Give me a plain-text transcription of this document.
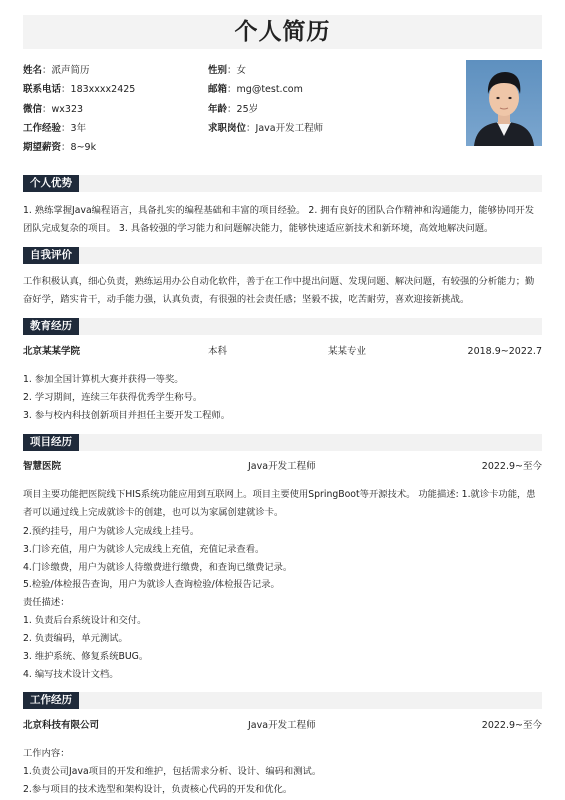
个人简历
姓名：派声简历	性别：女
联系电话：183xxxx2425	邮箱：mg@test.com
微信：wx323	年龄：25岁
工作经验：3年	求职岗位：Java开发工程师
期望薪资：8~9k
个人优势
1. 熟练掌握Java编程语言，具备扎实的编程基础和丰富的项目经验。 2. 拥有良好的团队合作精神和沟通能力，能够协同开发团队完成复杂的项目。 3. 具备较强的学习能力和问题解决能力，能够快速适应新技术和新环境，高效地解决问题。
自我评价
工作积极认真，细心负责，熟练运用办公自动化软件，善于在工作中提出问题、发现问题、解决问题，有较强的分析能力；勤奋好学，踏实肯干，动手能力强，认真负责，有很强的社会责任感；坚毅不拔，吃苦耐劳，喜欢迎接新挑战。
教育经历
北京某某学院	本科	某某专业	2018.9~2022.7
1. 参加全国计算机大赛并获得一等奖。
2. 学习期间，连续三年获得优秀学生称号。
3. 参与校内科技创新项目并担任主要开发工程师。
项目经历
智慧医院	Java开发工程师	2022.9~至今
项目主要功能把医院线下HIS系统功能应用到互联网上。项目主要使用SpringBoot等开源技术。 功能描述: 1.就诊卡功能，患者可以通过线上完成就诊卡的创建，也可以为家属创建就诊卡。
2.预约挂号，用户为就诊人完成线上挂号。
3.门诊充值，用户为就诊人完成线上充值，充值记录查看。
4.门诊缴费，用户为就诊人待缴费进行缴费，和查询已缴费记录。
5.检验/体检报告查询，用户为就诊人查询检验/体检报告记录。
责任描述：
1. 负责后台系统设计和交付。
2. 负责编码，单元测试。
3. 维护系统、修复系统BUG。
4. 编写技术设计文档。
工作经历
北京科技有限公司	Java开发工程师	2022.9~至今
工作内容：
1.负责公司Java项目的开发和维护，包括需求分析、设计、编码和测试。
2.参与项目的技术选型和架构设计，负责核心代码的开发和优化。
